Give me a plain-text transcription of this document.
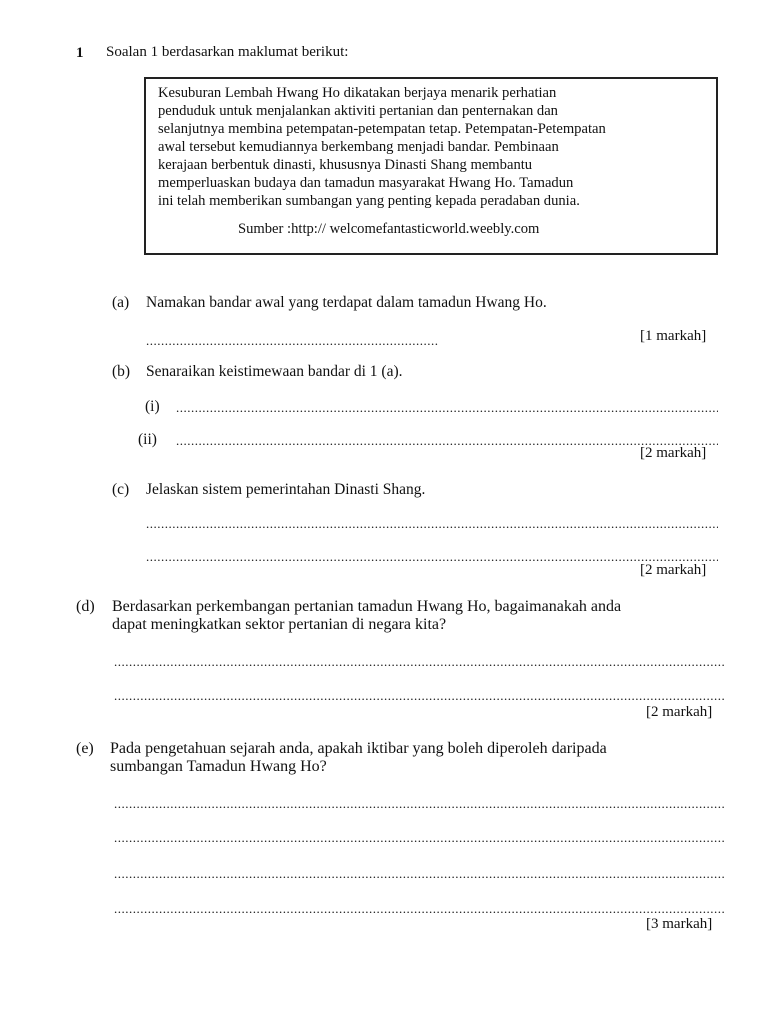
1 Soalan 1 berdasarkan maklumat berikut:
Kesuburan Lembah Hwang Ho dikatakan berjaya menarik perhatian
penduduk untuk menjalankan aktiviti pertanian dan penternakan dan
selanjutnya membina petempatan-petempatan tetap. Petempatan-Petempatan
awal tersebut kemudiannya berkembang menjadi bandar. Pembinaan
kerajaan berbentuk dinasti, khususnya Dinasti Shang membantu
memperluaskan budaya dan tamadun masyarakat Hwang Ho. Tamadun
ini telah memberikan sumbangan yang penting kepada peradaban dunia.
Sumber :http:// welcomefantasticworld.weebly.com
(a) Namakan bandar awal yang terdapat dalam tamadun Hwang Ho.
.....
[1 markah]
(b) Senaraikan keistimewaan bandar di 1 (a).
(i)
.....
(ii)
.....
[2 markah]
(c) Jelaskan sistem pemerintahan Dinasti Shang.
.....
.....
[2 markah]
(d) Berdasarkan perkembangan pertanian tamadun Hwang Ho, bagaimanakah anda
dapat meningkatkan sektor pertanian di negara kita?
.....
.....
[2 markah]
(e) Pada pengetahuan sejarah anda, apakah iktibar yang boleh diperoleh daripada
sumbangan Tamadun Hwang Ho?
.....
.....
.....
.....
[3 markah]
